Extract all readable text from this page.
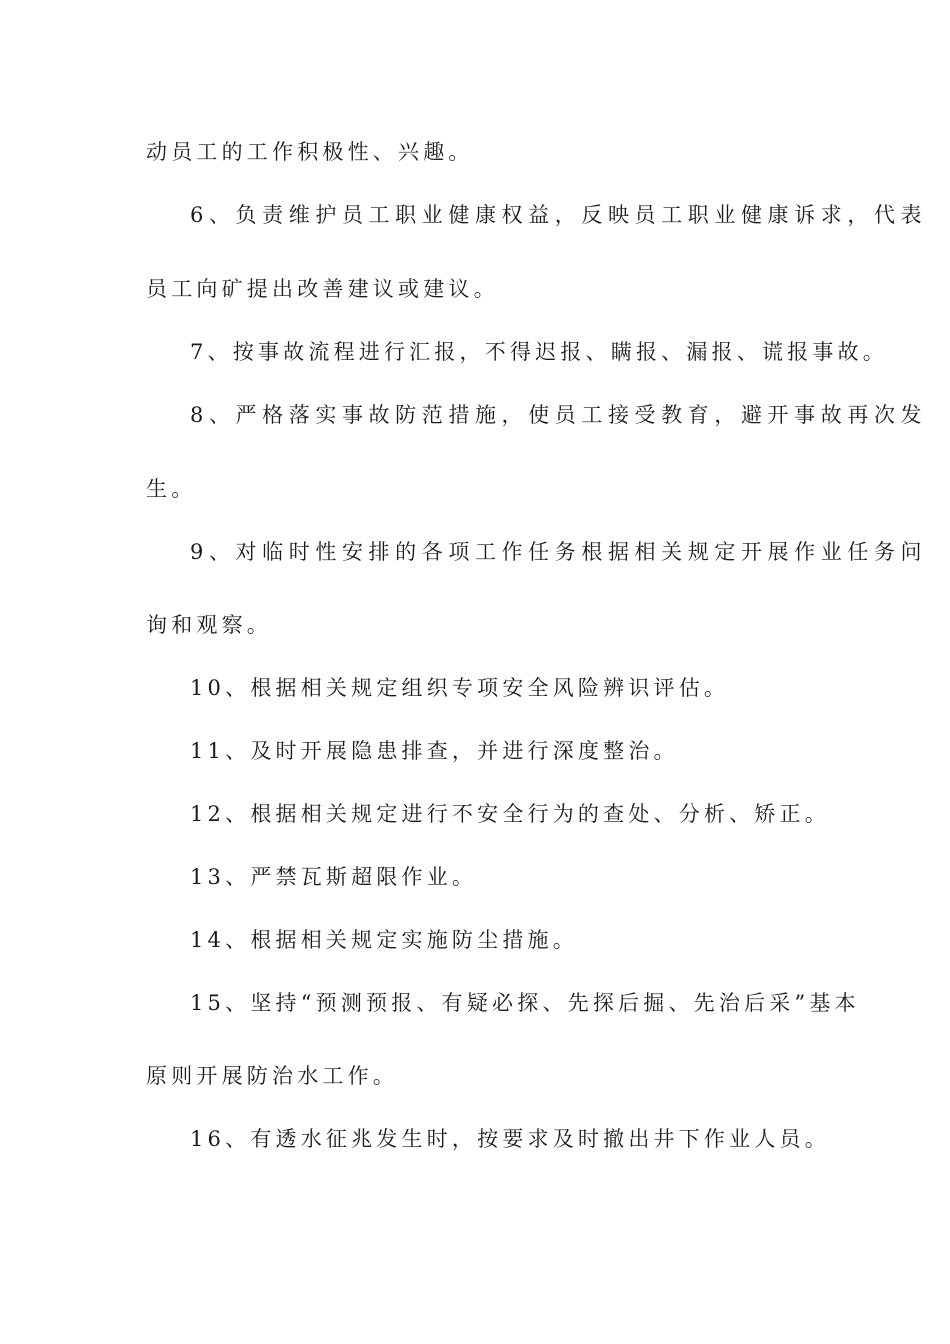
动员工的工作积极性、兴趣。
6、负责维护员工职业健康权益，反映员工职业健康诉求，代表
员工向矿提出改善建议或建议。
7、按事故流程进行汇报，不得迟报、瞒报、漏报、谎报事故。
8、严格落实事故防范措施，使员工接受教育，避开事故再次发
生。
9、对临时性安排的各项工作任务根据相关规定开展作业任务问
询和观察。
10、根据相关规定组织专项安全风险辨识评估。
11、及时开展隐患排查，并进行深度整治。
12、根据相关规定进行不安全行为的查处、分析、矫正。
13、严禁瓦斯超限作业。
14、根据相关规定实施防尘措施。
15、坚持“预测预报、有疑必探、先探后掘、先治后采”基本
原则开展防治水工作。
16、有透水征兆发生时，按要求及时撤出井下作业人员。
